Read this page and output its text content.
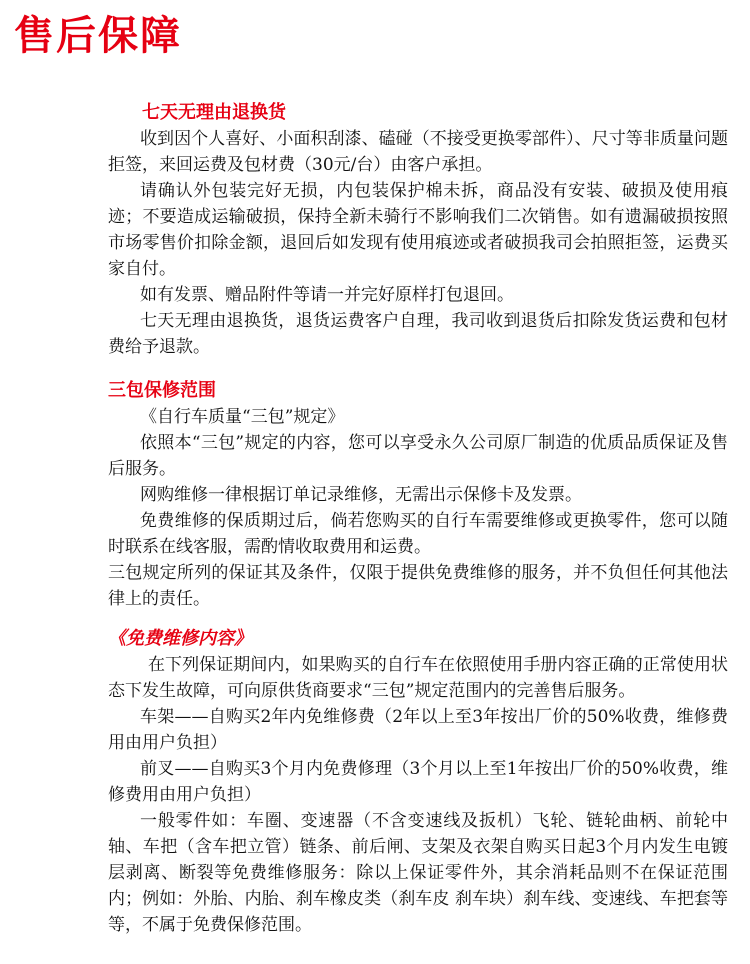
售后保障
七天无理由退换货

收到因个人喜好、小面积刮漆、磕碰（不接受更换零部件）、尺寸等非质量问题拒签，来回运费及包材费（30元/台）由客户承担。

请确认外包装完好无损，内包装保护棉未拆，商品没有安装、破损及使用痕迹；不要造成运输破损，保持全新未骑行不影响我们二次销售。如有遗漏破损按照市场零售价扣除金额，退回后如发现有使用痕迹或者破损我司会拍照拒签，运费买家自付。

如有发票、赠品附件等请一并完好原样打包退回。

七天无理由退换货，退货运费客户自理，我司收到退货后扣除发货运费和包材费给予退款。

三包保修范围

《自行车质量“三包”规定》

依照本“三包”规定的内容，您可以享受永久公司原厂制造的优质品质保证及售后服务。

网购维修一律根据订单记录维修，无需出示保修卡及发票。

免费维修的保质期过后，倘若您购买的自行车需要维修或更换零件，您可以随时联系在线客服，需酌情收取费用和运费。

三包规定所列的保证其及条件，仅限于提供免费维修的服务，并不负但任何其他法律上的责任。

《免费维修内容》

在下列保证期间内，如果购买的自行车在依照使用手册内容正确的正常使用状态下发生故障，可向原供货商要求“三包”规定范围内的完善售后服务。

车架——自购买2年内免维修费（2年以上至3年按出厂价的50%收费，维修费用由用户负担）

前叉——自购买3个月内免费修理（3个月以上至1年按出厂价的50%收费，维修费用由用户负担）

一般零件如：车圈、变速器（不含变速线及扳机）飞轮、链轮曲柄、前轮中轴、车把（含车把立管）链条、前后闸、支架及衣架自购买日起3个月内发生电镀层剥离、断裂等免费维修服务：除以上保证零件外，其余消耗品则不在保证范围内；例如：外胎、内胎、刹车橡皮类（刹车皮 刹车块）刹车线、变速线、车把套等等，不属于免费保修范围。
